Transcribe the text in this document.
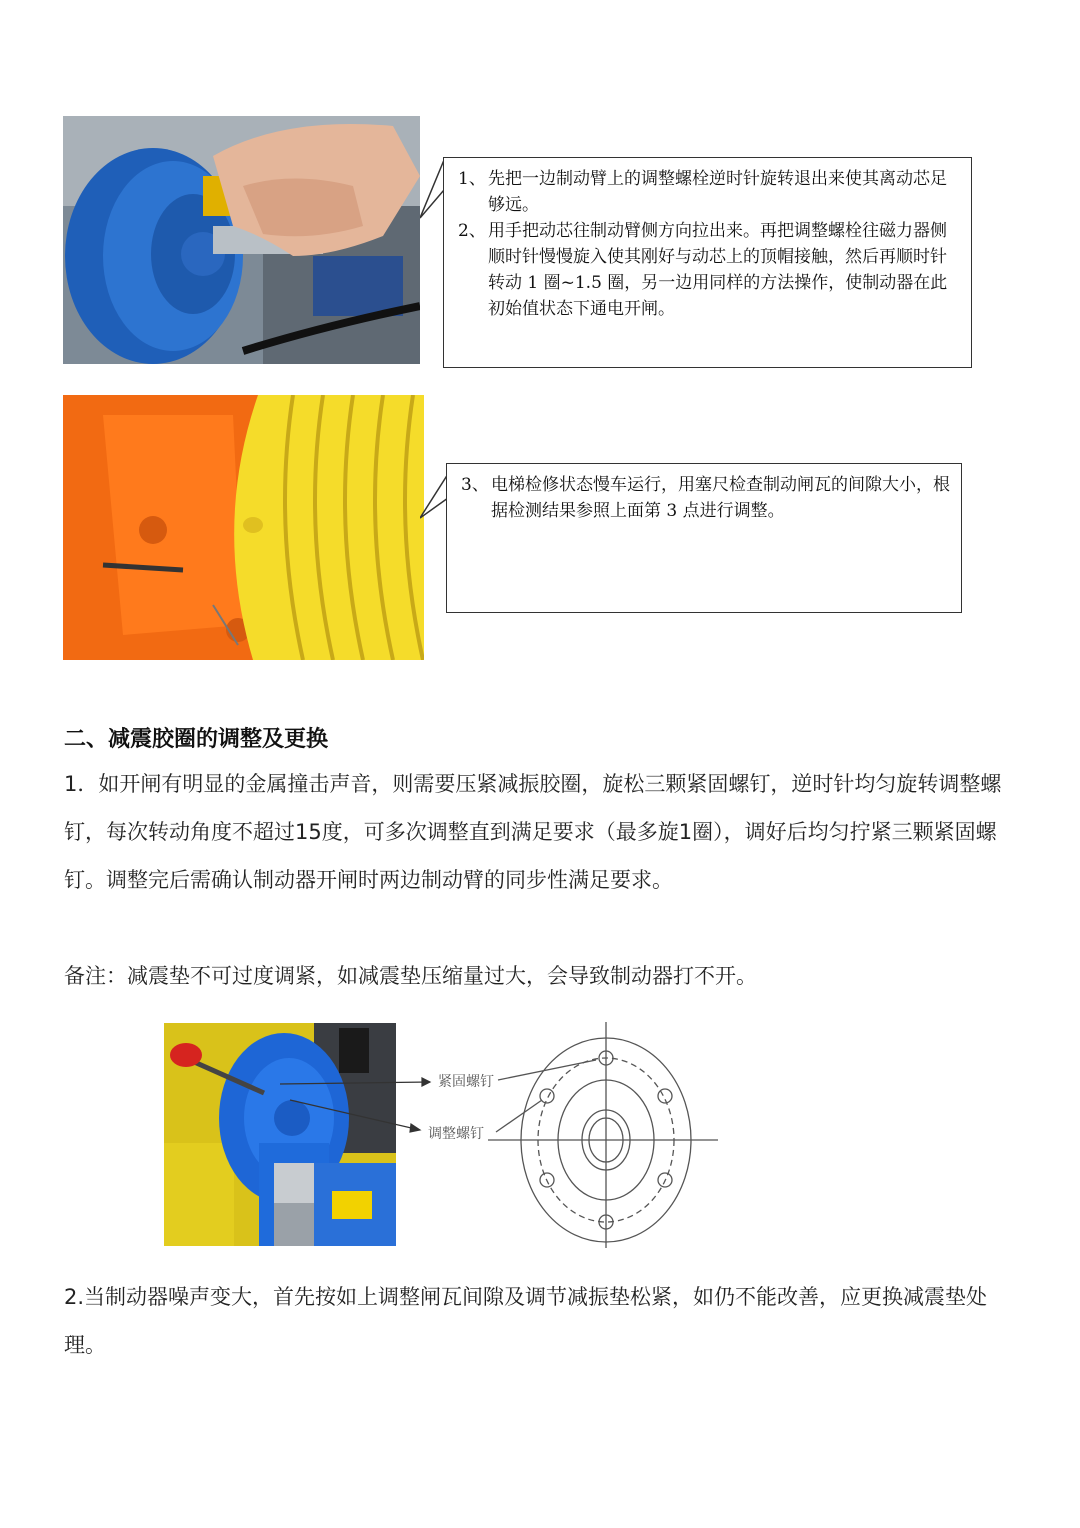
1、 先把一边制动臂上的调整螺栓逆时针旋转退出来使其离动芯足够远。
2、 用手把动芯往制动臂侧方向拉出来。再把调整螺栓往磁力器侧顺时针慢慢旋入使其刚好与动芯上的顶帽接触，然后再顺时针转动 1 圈~1.5 圈，另一边用同样的方法操作，使制动器在此初始值状态下通电开闸。
3、 电梯检修状态慢车运行，用塞尺检查制动闸瓦的间隙大小，根据检测结果参照上面第 3 点进行调整。
二、减震胶圈的调整及更换
1．如开闸有明显的金属撞击声音，则需要压紧减振胶圈，旋松三颗紧固螺钉，逆时针均匀旋转调整螺钉，每次转动角度不超过15度，可多次调整直到满足要求（最多旋1圈），调好后均匀拧紧三颗紧固螺钉。调整完后需确认制动器开闸时两边制动臂的同步性满足要求。
备注：减震垫不可过度调紧，如减震垫压缩量过大，会导致制动器打不开。
紧固螺钉
调整螺钉
2.当制动器噪声变大，首先按如上调整闸瓦间隙及调节减振垫松紧，如仍不能改善，应更换减震垫处理。
